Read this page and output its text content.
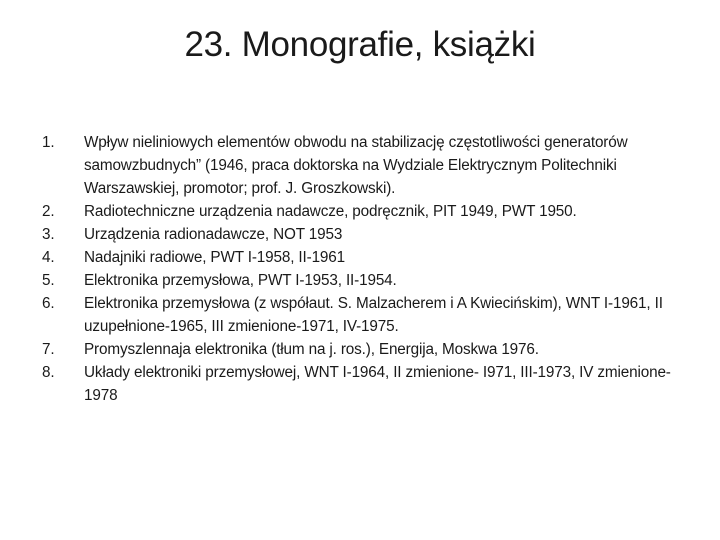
23. Monografie, książki
1.	Wpływ nieliniowych elementów obwodu na stabilizację częstotliwości generatorów samowzbudnych” (1946, praca doktorska na Wydziale Elektrycznym Politechniki Warszawskiej, promotor; prof. J. Groszkowski).
2.	Radiotechniczne urządzenia nadawcze, podręcznik, PIT 1949, PWT 1950.
3.	Urządzenia radionadawcze, NOT 1953
4.	Nadajniki radiowe, PWT I-1958, II-1961
5.	Elektronika przemysłowa, PWT I-1953, II-1954.
6.	Elektronika przemysłowa (z współaut. S. Malzacherem i A Kwiecińskim), WNT I-1961, II uzupełnione-1965, III zmienione-1971, IV-1975.
7.	Promyszlennaja elektronika (tłum na j. ros.), Energija, Moskwa 1976.
8.	Układy elektroniki przemysłowej, WNT I-1964, II zmienione- I971, III-1973, IV zmienione- 1978
